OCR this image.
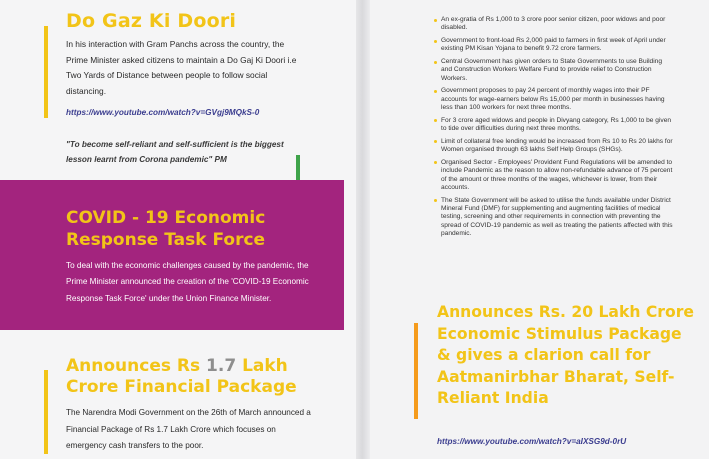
Do Gaz Ki Doori
In his interaction with Gram Panchs across the country, the Prime Minister asked citizens to maintain a Do Gaj Ki Doori i.e Two Yards of Distance between people to follow social distancing.
https://www.youtube.com/watch?v=GVgj9MQkS-0
"To become self-reliant and self-sufficient is the biggest lesson learnt from Corona pandemic" PM
COVID - 19 Economic Response Task Force
To deal with the economic challenges caused by the pandemic, the Prime Minister announced the creation of the 'COVID-19 Economic Response Task Force' under the Union Finance Minister.
Announces Rs 1.7 Lakh Crore Financial Package
The Narendra Modi Government on the 26th of March announced a Financial Package of Rs 1.7 Lakh Crore which focuses on emergency cash transfers to the poor.
An ex-gratia of Rs 1,000 to 3 crore poor senior citizen, poor widows and poor disabled.
Government to front-load Rs 2,000 paid to farmers in first week of April under existing PM Kisan Yojana to benefit 9.72 crore farmers.
Central Government has given orders to State Governments to use Building and Construction Workers Welfare Fund to provide relief to Construction Workers.
Government proposes to pay 24 percent of monthly wages into their PF accounts for wage-earners below Rs 15,000 per month in businesses having less than 100 workers for next three months.
For 3 crore aged widows and people in Divyang category, Rs 1,000 to be given to tide over difficulties during next three months.
Limit of collateral free lending would be increased from Rs 10 to Rs 20 lakhs for Women organised through 63 lakhs Self Help Groups (SHGs).
Organised Sector - Employees' Provident Fund Regulations will be amended to include Pandemic as the reason to allow non-refundable advance of 75 percent of the amount or three months of the wages, whichever is lower, from their accounts.
The State Government will be asked to utilise the funds available under District Mineral Fund (DMF) for supplementing and augmenting facilities of medical testing, screening and other requirements in connection with preventing the spread of COVID-19 pandemic as well as treating the patients affected with this pandemic.
Announces Rs. 20 Lakh Crore Economic Stimulus Package & gives a clarion call for Aatmanirbhar Bharat, Self-Reliant India
https://www.youtube.com/watch?v=aIXSG9d-0rU
